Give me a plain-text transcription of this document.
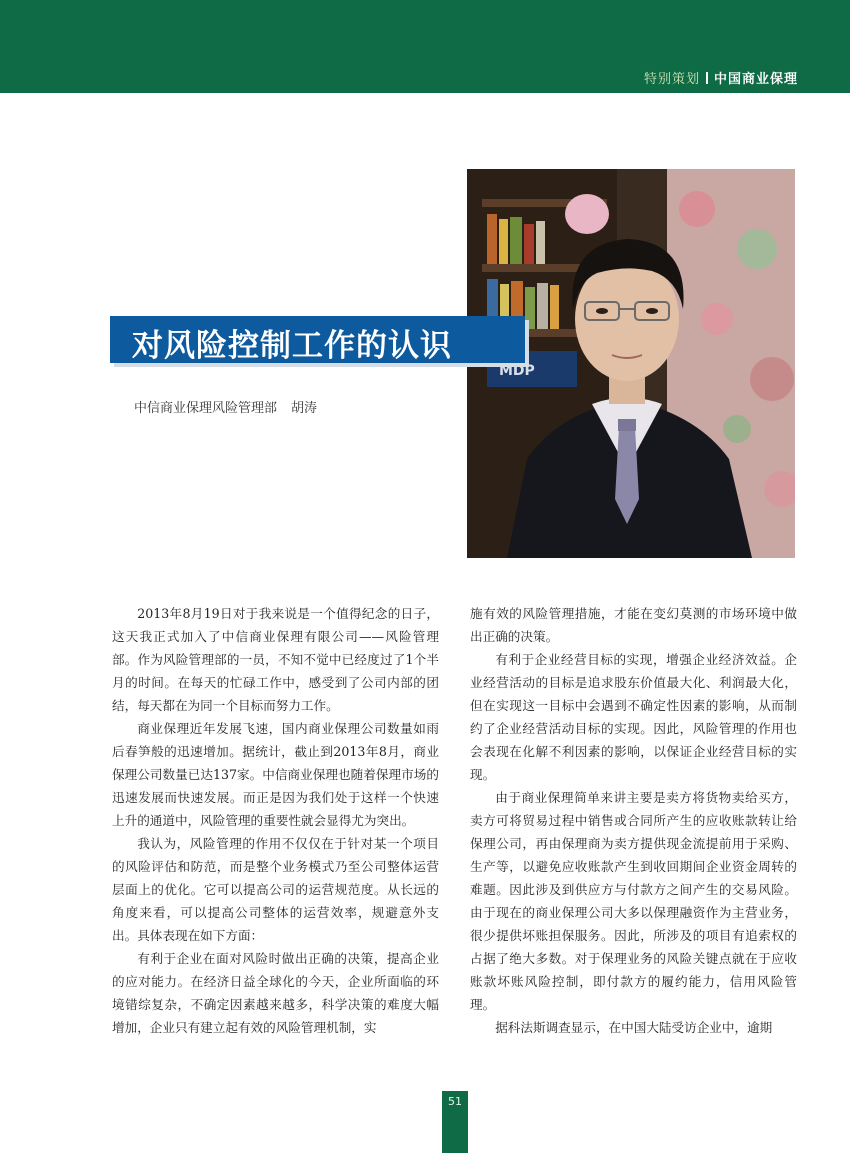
特别策划 中国商业保理
MDP
对风险控制工作的认识
中信商业保理风险管理部 胡涛

2013年8月19日对于我来说是一个值得纪念的日子，这天我正式加入了中信商业保理有限公司——风险管理部。作为风险管理部的一员，不知不觉中已经度过了1个半月的时间。在每天的忙碌工作中，感受到了公司内部的团结，每天都在为同一个目标而努力工作。

商业保理近年发展飞速，国内商业保理公司数量如雨后春笋般的迅速增加。据统计，截止到2013年8月，商业保理公司数量已达137家。中信商业保理也随着保理市场的迅速发展而快速发展。而正是因为我们处于这样一个快速上升的通道中，风险管理的重要性就会显得尤为突出。

我认为，风险管理的作用不仅仅在于针对某一个项目的风险评估和防范，而是整个业务模式乃至公司整体运营层面上的优化。它可以提高公司的运营规范度。从长远的角度来看，可以提高公司整体的运营效率，规避意外支出。具体表现在如下方面：

有利于企业在面对风险时做出正确的决策，提高企业的应对能力。在经济日益全球化的今天，企业所面临的环境错综复杂，不确定因素越来越多，科学决策的难度大幅增加，企业只有建立起有效的风险管理机制，实

施有效的风险管理措施，才能在变幻莫测的市场环境中做出正确的决策。

有利于企业经营目标的实现，增强企业经济效益。企业经营活动的目标是追求股东价值最大化、利润最大化，但在实现这一目标中会遇到不确定性因素的影响，从而制约了企业经营活动目标的实现。因此，风险管理的作用也会表现在化解不利因素的影响，以保证企业经营目标的实现。

由于商业保理简单来讲主要是卖方将货物卖给买方，卖方可将贸易过程中销售或合同所产生的应收账款转让给保理公司，再由保理商为卖方提供现金流提前用于采购、生产等，以避免应收账款产生到收回期间企业资金周转的难题。因此涉及到供应方与付款方之间产生的交易风险。由于现在的商业保理公司大多以保理融资作为主营业务，很少提供坏账担保服务。因此，所涉及的项目有追索权的占据了绝大多数。对于保理业务的风险关键点就在于应收账款坏账风险控制，即付款方的履约能力，信用风险管理。

据科法斯调查显示，在中国大陆受访企业中，逾期

51
